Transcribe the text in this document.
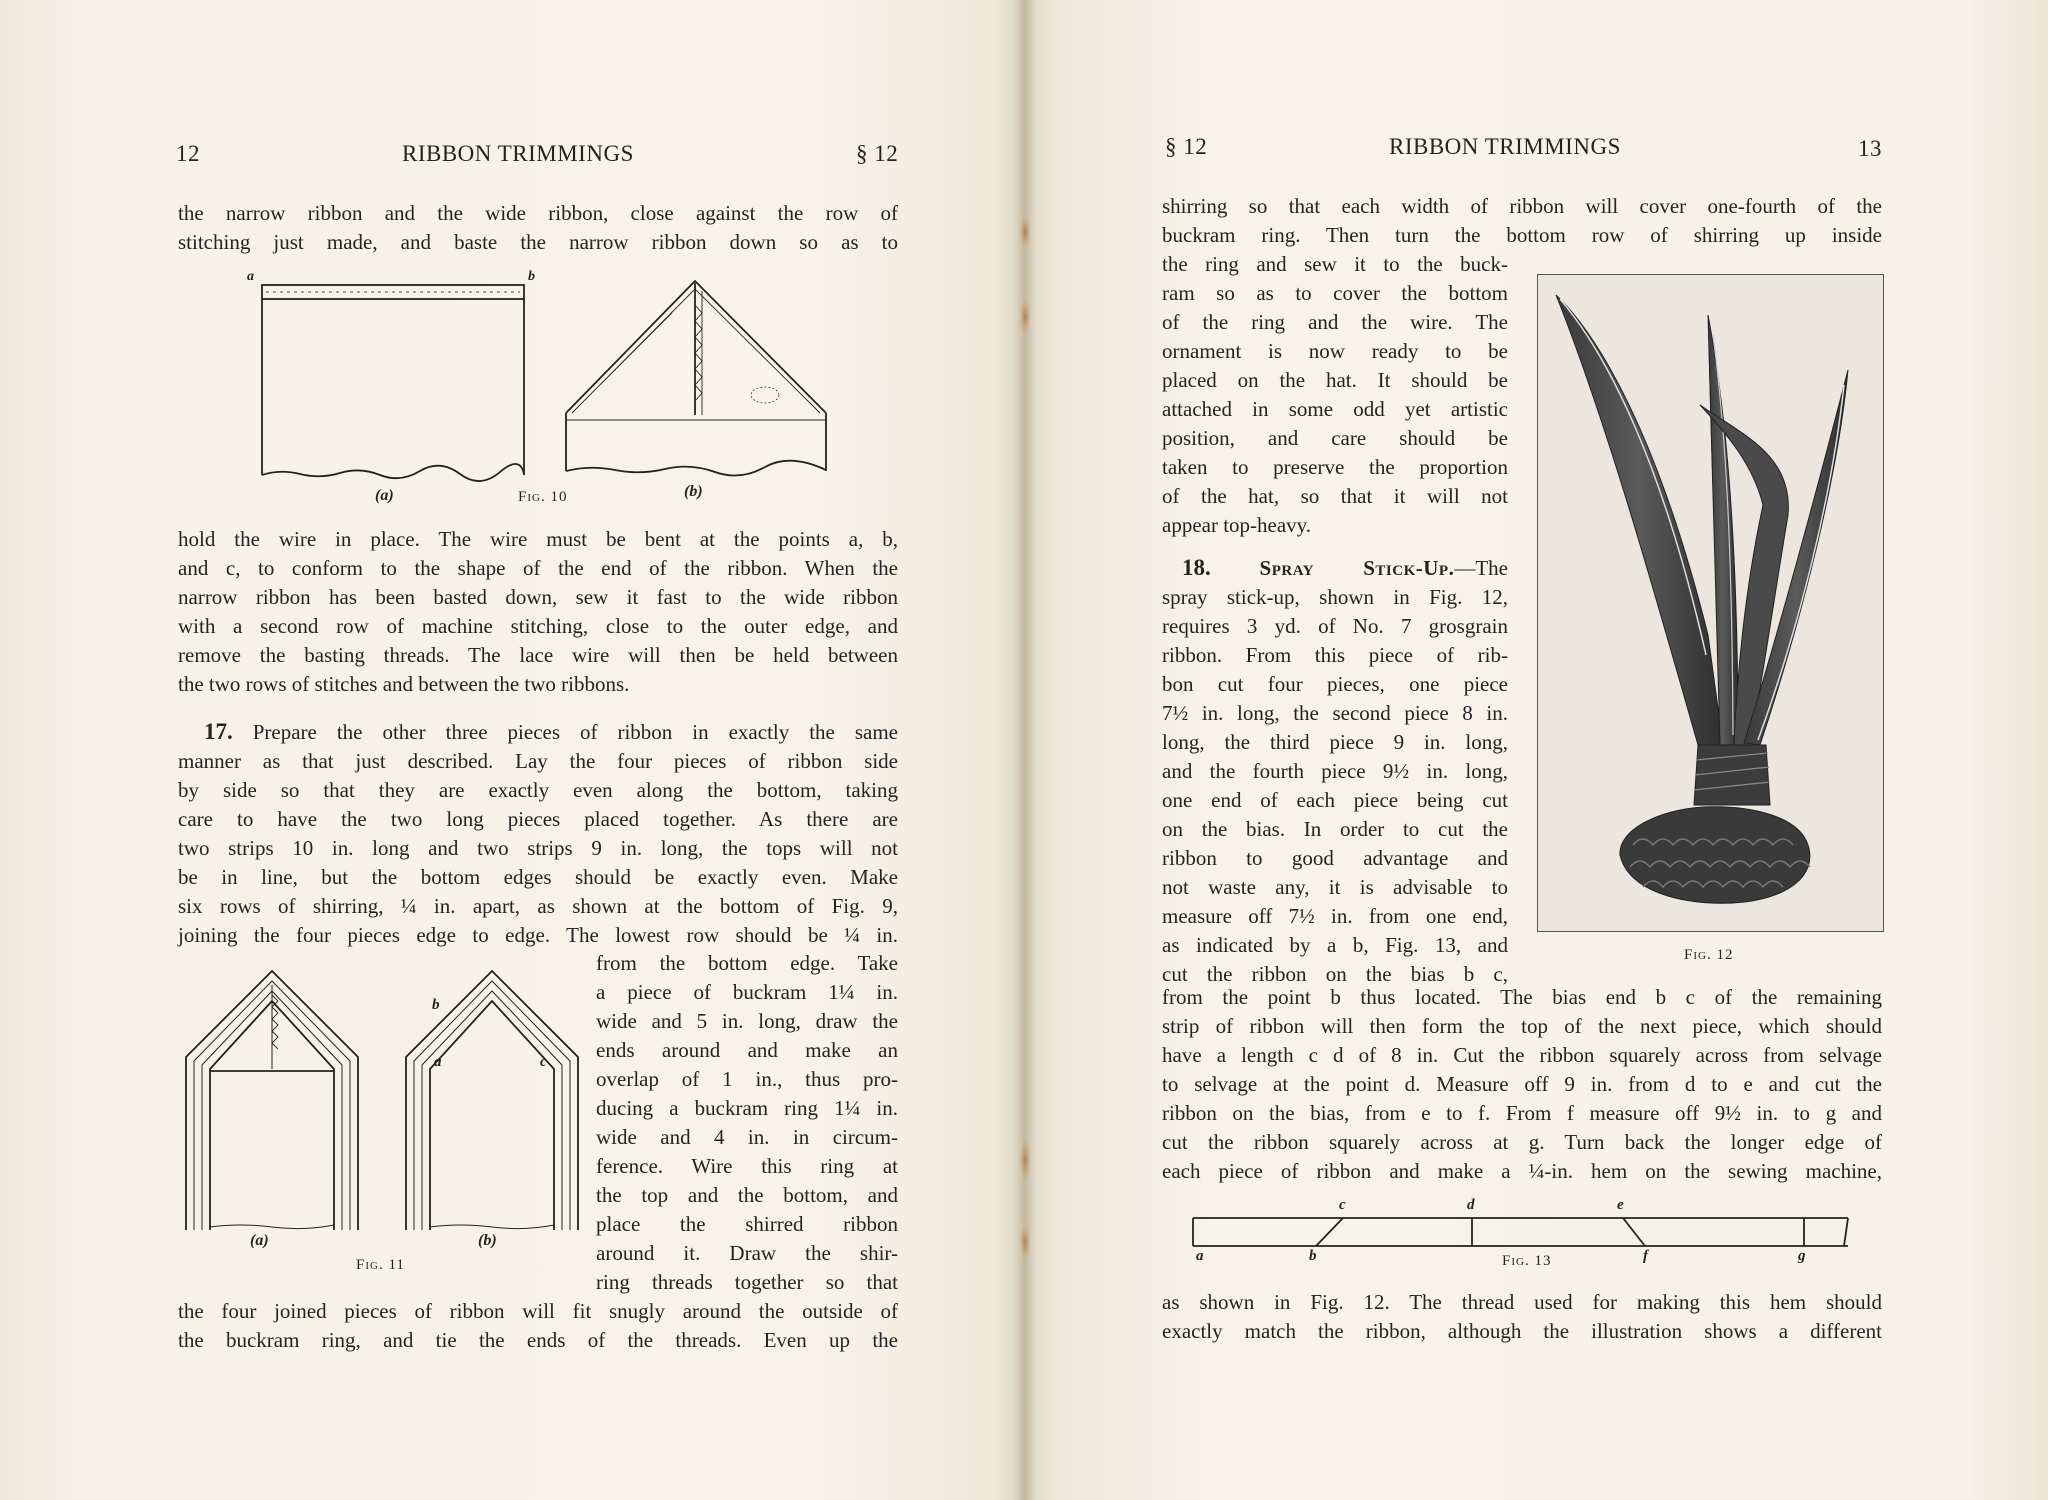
12	RIBBON TRIMMINGS	§ 12

the narrow ribbon and the wide ribbon, close against the row of

stitching just made, and baste the narrow ribbon down so as to

a	b
(a)	Fig. 10	(b)

hold the wire in place. The wire must be bent at the points a, b,

and c, to conform to the shape of the end of the ribbon. When the

narrow ribbon has been basted down, sew it fast to the wide ribbon

with a second row of machine stitching, close to the outer edge, and

remove the basting threads. The lace wire will then be held between

the two rows of stitches and between the two ribbons.

17. Prepare the other three pieces of ribbon in exactly the same

manner as that just described. Lay the four pieces of ribbon side

by side so that they are exactly even along the bottom, taking

care to have the two long pieces placed together. As there are

two strips 10 in. long and two strips 9 in. long, the tops will not

be in line, but the bottom edges should be exactly even. Make

six rows of shirring, ¼ in. apart, as shown at the bottom of Fig. 9,

joining the four pieces edge to edge. The lowest row should be ¼ in.

from the bottom edge. Take

a piece of buckram 1¼ in.

wide and 5 in. long, draw the

ends around and make an

overlap of 1 in., thus pro-

ducing a buckram ring 1¼ in.

wide and 4 in. in circum-

ference. Wire this ring at

the top and the bottom, and

place the shirred ribbon

around it. Draw the shir-

ring threads together so that

the four joined pieces of ribbon will fit snugly around the outside of

the buckram ring, and tie the ends of the threads. Even up the

b
a	c
(a)	(b)
Fig. 11
§ 12	RIBBON TRIMMINGS	13

shirring so that each width of ribbon will cover one-fourth of the

buckram ring. Then turn the bottom row of shirring up inside

the ring and sew it to the buck-

ram so as to cover the bottom

of the ring and the wire. The

ornament is now ready to be

placed on the hat. It should be

attached in some odd yet artistic

position, and care should be

taken to preserve the proportion

of the hat, so that it will not

appear top-heavy.

18. Spray Stick-Up.—The

spray stick-up, shown in Fig. 12,

requires 3 yd. of No. 7 grosgrain

ribbon. From this piece of rib-

bon cut four pieces, one piece

7½ in. long, the second piece 8 in.

long, the third piece 9 in. long,

and the fourth piece 9½ in. long,

one end of each piece being cut

on the bias. In order to cut the

ribbon to good advantage and

not waste any, it is advisable to

measure off 7½ in. from one end,

as indicated by a b, Fig. 13, and

cut the ribbon on the bias b c,

from the point b thus located. The bias end b c of the remaining

strip of ribbon will then form the top of the next piece, which should

have a length c d of 8 in. Cut the ribbon squarely across from selvage

to selvage at the point d. Measure off 9 in. from d to e and cut the

ribbon on the bias, from e to f. From f measure off 9½ in. to g and

cut the ribbon squarely across at g. Turn back the longer edge of

each piece of ribbon and make a ¼-in. hem on the sewing machine,

Fig. 12
c	d	e
a	b	Fig. 13	f	g

as shown in Fig. 12. The thread used for making this hem should

exactly match the ribbon, although the illustration shows a different
